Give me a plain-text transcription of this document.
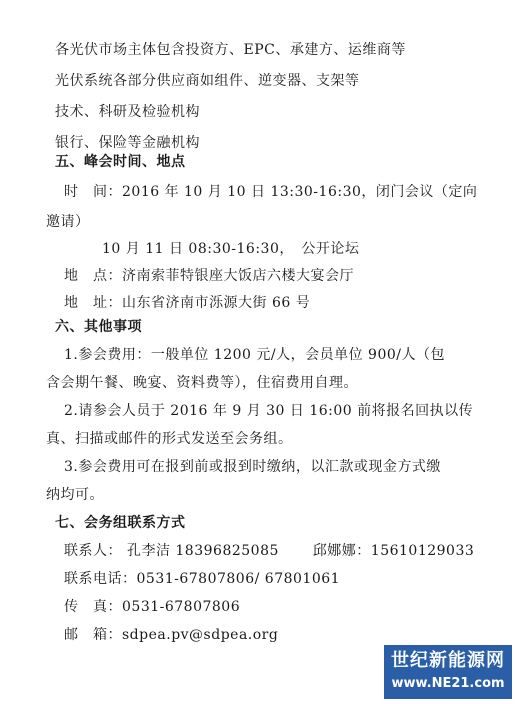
各光伏市场主体包含投资方、EPC、承建方、运维商等
光伏系统各部分供应商如组件、逆变器、支架等
技术、科研及检验机构
银行、保险等金融机构
五、峰会时间、地点
时　间：2016 年 10 月 10 日 13:30-16:30，闭门会议（定向
邀请）
10 月 11 日 08:30-16:30，　公开论坛
地　点：济南索菲特银座大饭店六楼大宴会厅
地　址：山东省济南市泺源大街 66 号
六、其他事项
1.参会费用：一般单位 1200 元/人，会员单位 900/人（包
含会期午餐、晚宴、资料费等），住宿费用自理。
2.请参会人员于 2016 年 9 月 30 日 16:00 前将报名回执以传
真、扫描或邮件的形式发送至会务组。
3.参会费用可在报到前或报到时缴纳，以汇款或现金方式缴
纳均可。
七、会务组联系方式
联系人： 孔李洁 18396825085 邱娜娜：15610129033
联系电话：0531-67807806/ 67801061
传　真：0531-67807806
邮　箱：sdpea.pv@sdpea.org
世纪新能源网
www.NE21.com
